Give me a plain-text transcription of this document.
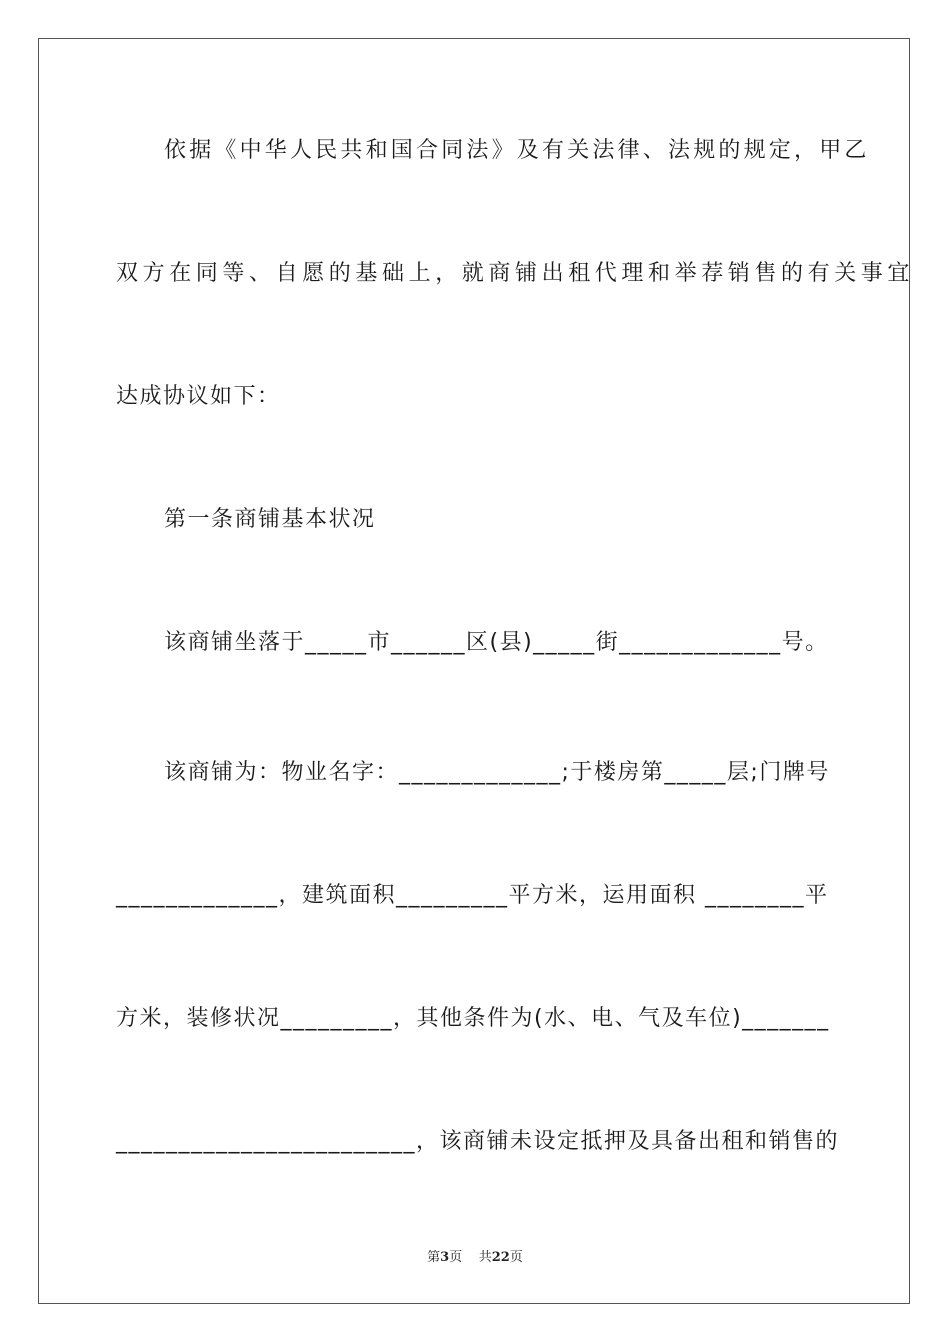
依据《中华人民共和国合同法》及有关法律、法规的规定，甲乙
双方在同等、自愿的基础上，就商铺出租代理和举荐销售的有关事宜
达成协议如下：
第一条商铺基本状况
该商铺坐落于_____市______区(县)_____街_____________号。
该商铺为：物业名字：_____________;于楼房第_____层;门牌号
_____________，建筑面积_________平方米，运用面积 ________平
方米，装修状况_________，其他条件为(水、电、气及车位)_______
________________________，该商铺未设定抵押及具备出租和销售的
第3页 共22页
